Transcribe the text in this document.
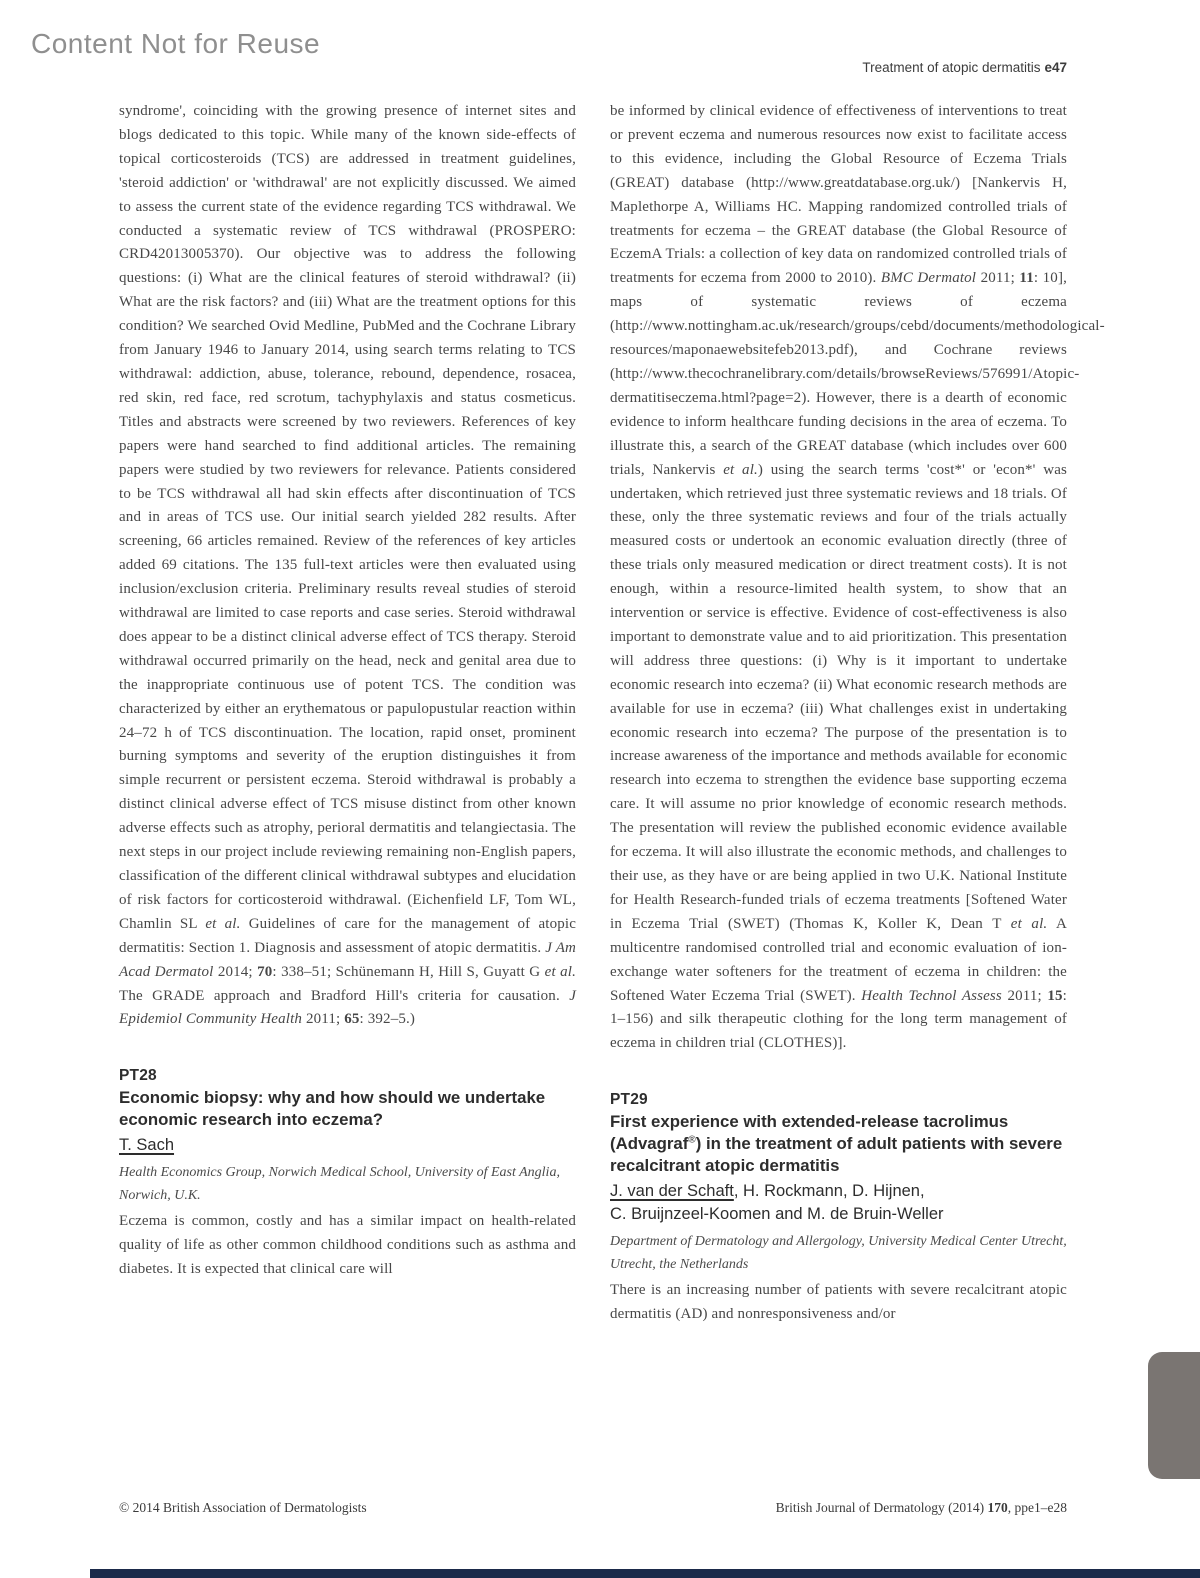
Content Not for Reuse
Treatment of atopic dermatitis e47

syndrome', coinciding with the growing presence of internet sites and blogs dedicated to this topic. While many of the known side-effects of topical corticosteroids (TCS) are addressed in treatment guidelines, 'steroid addiction' or 'withdrawal' are not explicitly discussed. We aimed to assess the current state of the evidence regarding TCS withdrawal. We conducted a systematic review of TCS withdrawal (PROSPERO: CRD42013005370). Our objective was to address the following questions: (i) What are the clinical features of steroid withdrawal? (ii) What are the risk factors? and (iii) What are the treatment options for this condition? We searched Ovid Medline, PubMed and the Cochrane Library from January 1946 to January 2014, using search terms relating to TCS withdrawal: addiction, abuse, tolerance, rebound, dependence, rosacea, red skin, red face, red scrotum, tachyphylaxis and status cosmeticus. Titles and abstracts were screened by two reviewers. References of key papers were hand searched to find additional articles. The remaining papers were studied by two reviewers for relevance. Patients considered to be TCS withdrawal all had skin effects after discontinuation of TCS and in areas of TCS use. Our initial search yielded 282 results. After screening, 66 articles remained. Review of the references of key articles added 69 citations. The 135 full-text articles were then evaluated using inclusion/exclusion criteria. Preliminary results reveal studies of steroid withdrawal are limited to case reports and case series. Steroid withdrawal does appear to be a distinct clinical adverse effect of TCS therapy. Steroid withdrawal occurred primarily on the head, neck and genital area due to the inappropriate continuous use of potent TCS. The condition was characterized by either an erythematous or papulopustular reaction within 24–72 h of TCS discontinuation. The location, rapid onset, prominent burning symptoms and severity of the eruption distinguishes it from simple recurrent or persistent eczema. Steroid withdrawal is probably a distinct clinical adverse effect of TCS misuse distinct from other known adverse effects such as atrophy, perioral dermatitis and telangiectasia. The next steps in our project include reviewing remaining non-English papers, classification of the different clinical withdrawal subtypes and elucidation of risk factors for corticosteroid withdrawal. (Eichenfield LF, Tom WL, Chamlin SL et al. Guidelines of care for the management of atopic dermatitis: Section 1. Diagnosis and assessment of atopic dermatitis. J Am Acad Dermatol 2014; 70: 338–51; Schünemann H, Hill S, Guyatt G et al. The GRADE approach and Bradford Hill's criteria for causation. J Epidemiol Community Health 2011; 65: 392–5.)

PT28
Economic biopsy: why and how should we undertake economic research into eczema?
T. Sach
Health Economics Group, Norwich Medical School, University of East Anglia, Norwich, U.K.

Eczema is common, costly and has a similar impact on health-related quality of life as other common childhood conditions such as asthma and diabetes. It is expected that clinical care will

be informed by clinical evidence of effectiveness of interventions to treat or prevent eczema and numerous resources now exist to facilitate access to this evidence, including the Global Resource of Eczema Trials (GREAT) database (http://www.greatdatabase.org.uk/) [Nankervis H, Maplethorpe A, Williams HC. Mapping randomized controlled trials of treatments for eczema – the GREAT database (the Global Resource of EczemA Trials: a collection of key data on randomized controlled trials of treatments for eczema from 2000 to 2010). BMC Dermatol 2011; 11: 10], maps of systematic reviews of eczema (http://www.nottingham.ac.uk/research/groups/cebd/documents/methodological-resources/maponaewebsitefeb2013.pdf), and Cochrane reviews (http://www.thecochranelibrary.com/details/browseReviews/576991/Atopic-dermatitiseczema.html?page=2). However, there is a dearth of economic evidence to inform healthcare funding decisions in the area of eczema. To illustrate this, a search of the GREAT database (which includes over 600 trials, Nankervis et al.) using the search terms 'cost*' or 'econ*' was undertaken, which retrieved just three systematic reviews and 18 trials. Of these, only the three systematic reviews and four of the trials actually measured costs or undertook an economic evaluation directly (three of these trials only measured medication or direct treatment costs). It is not enough, within a resource-limited health system, to show that an intervention or service is effective. Evidence of cost-effectiveness is also important to demonstrate value and to aid prioritization. This presentation will address three questions: (i) Why is it important to undertake economic research into eczema? (ii) What economic research methods are available for use in eczema? (iii) What challenges exist in undertaking economic research into eczema? The purpose of the presentation is to increase awareness of the importance and methods available for economic research into eczema to strengthen the evidence base supporting eczema care. It will assume no prior knowledge of economic research methods. The presentation will review the published economic evidence available for eczema. It will also illustrate the economic methods, and challenges to their use, as they have or are being applied in two U.K. National Institute for Health Research-funded trials of eczema treatments [Softened Water in Eczema Trial (SWET) (Thomas K, Koller K, Dean T et al. A multicentre randomised controlled trial and economic evaluation of ion-exchange water softeners for the treatment of eczema in children: the Softened Water Eczema Trial (SWET). Health Technol Assess 2011; 15: 1–156) and silk therapeutic clothing for the long term management of eczema in children trial (CLOTHES)].

PT29
First experience with extended-release tacrolimus (Advagraf®) in the treatment of adult patients with severe recalcitrant atopic dermatitis
J. van der Schaft, H. Rockmann, D. Hijnen,
C. Bruijnzeel-Koomen and M. de Bruin-Weller
Department of Dermatology and Allergology, University Medical Center Utrecht, Utrecht, the Netherlands

There is an increasing number of patients with severe recalcitrant atopic dermatitis (AD) and nonresponsiveness and/or

© 2014 British Association of Dermatologists	British Journal of Dermatology (2014) 170, ppe1–e28
